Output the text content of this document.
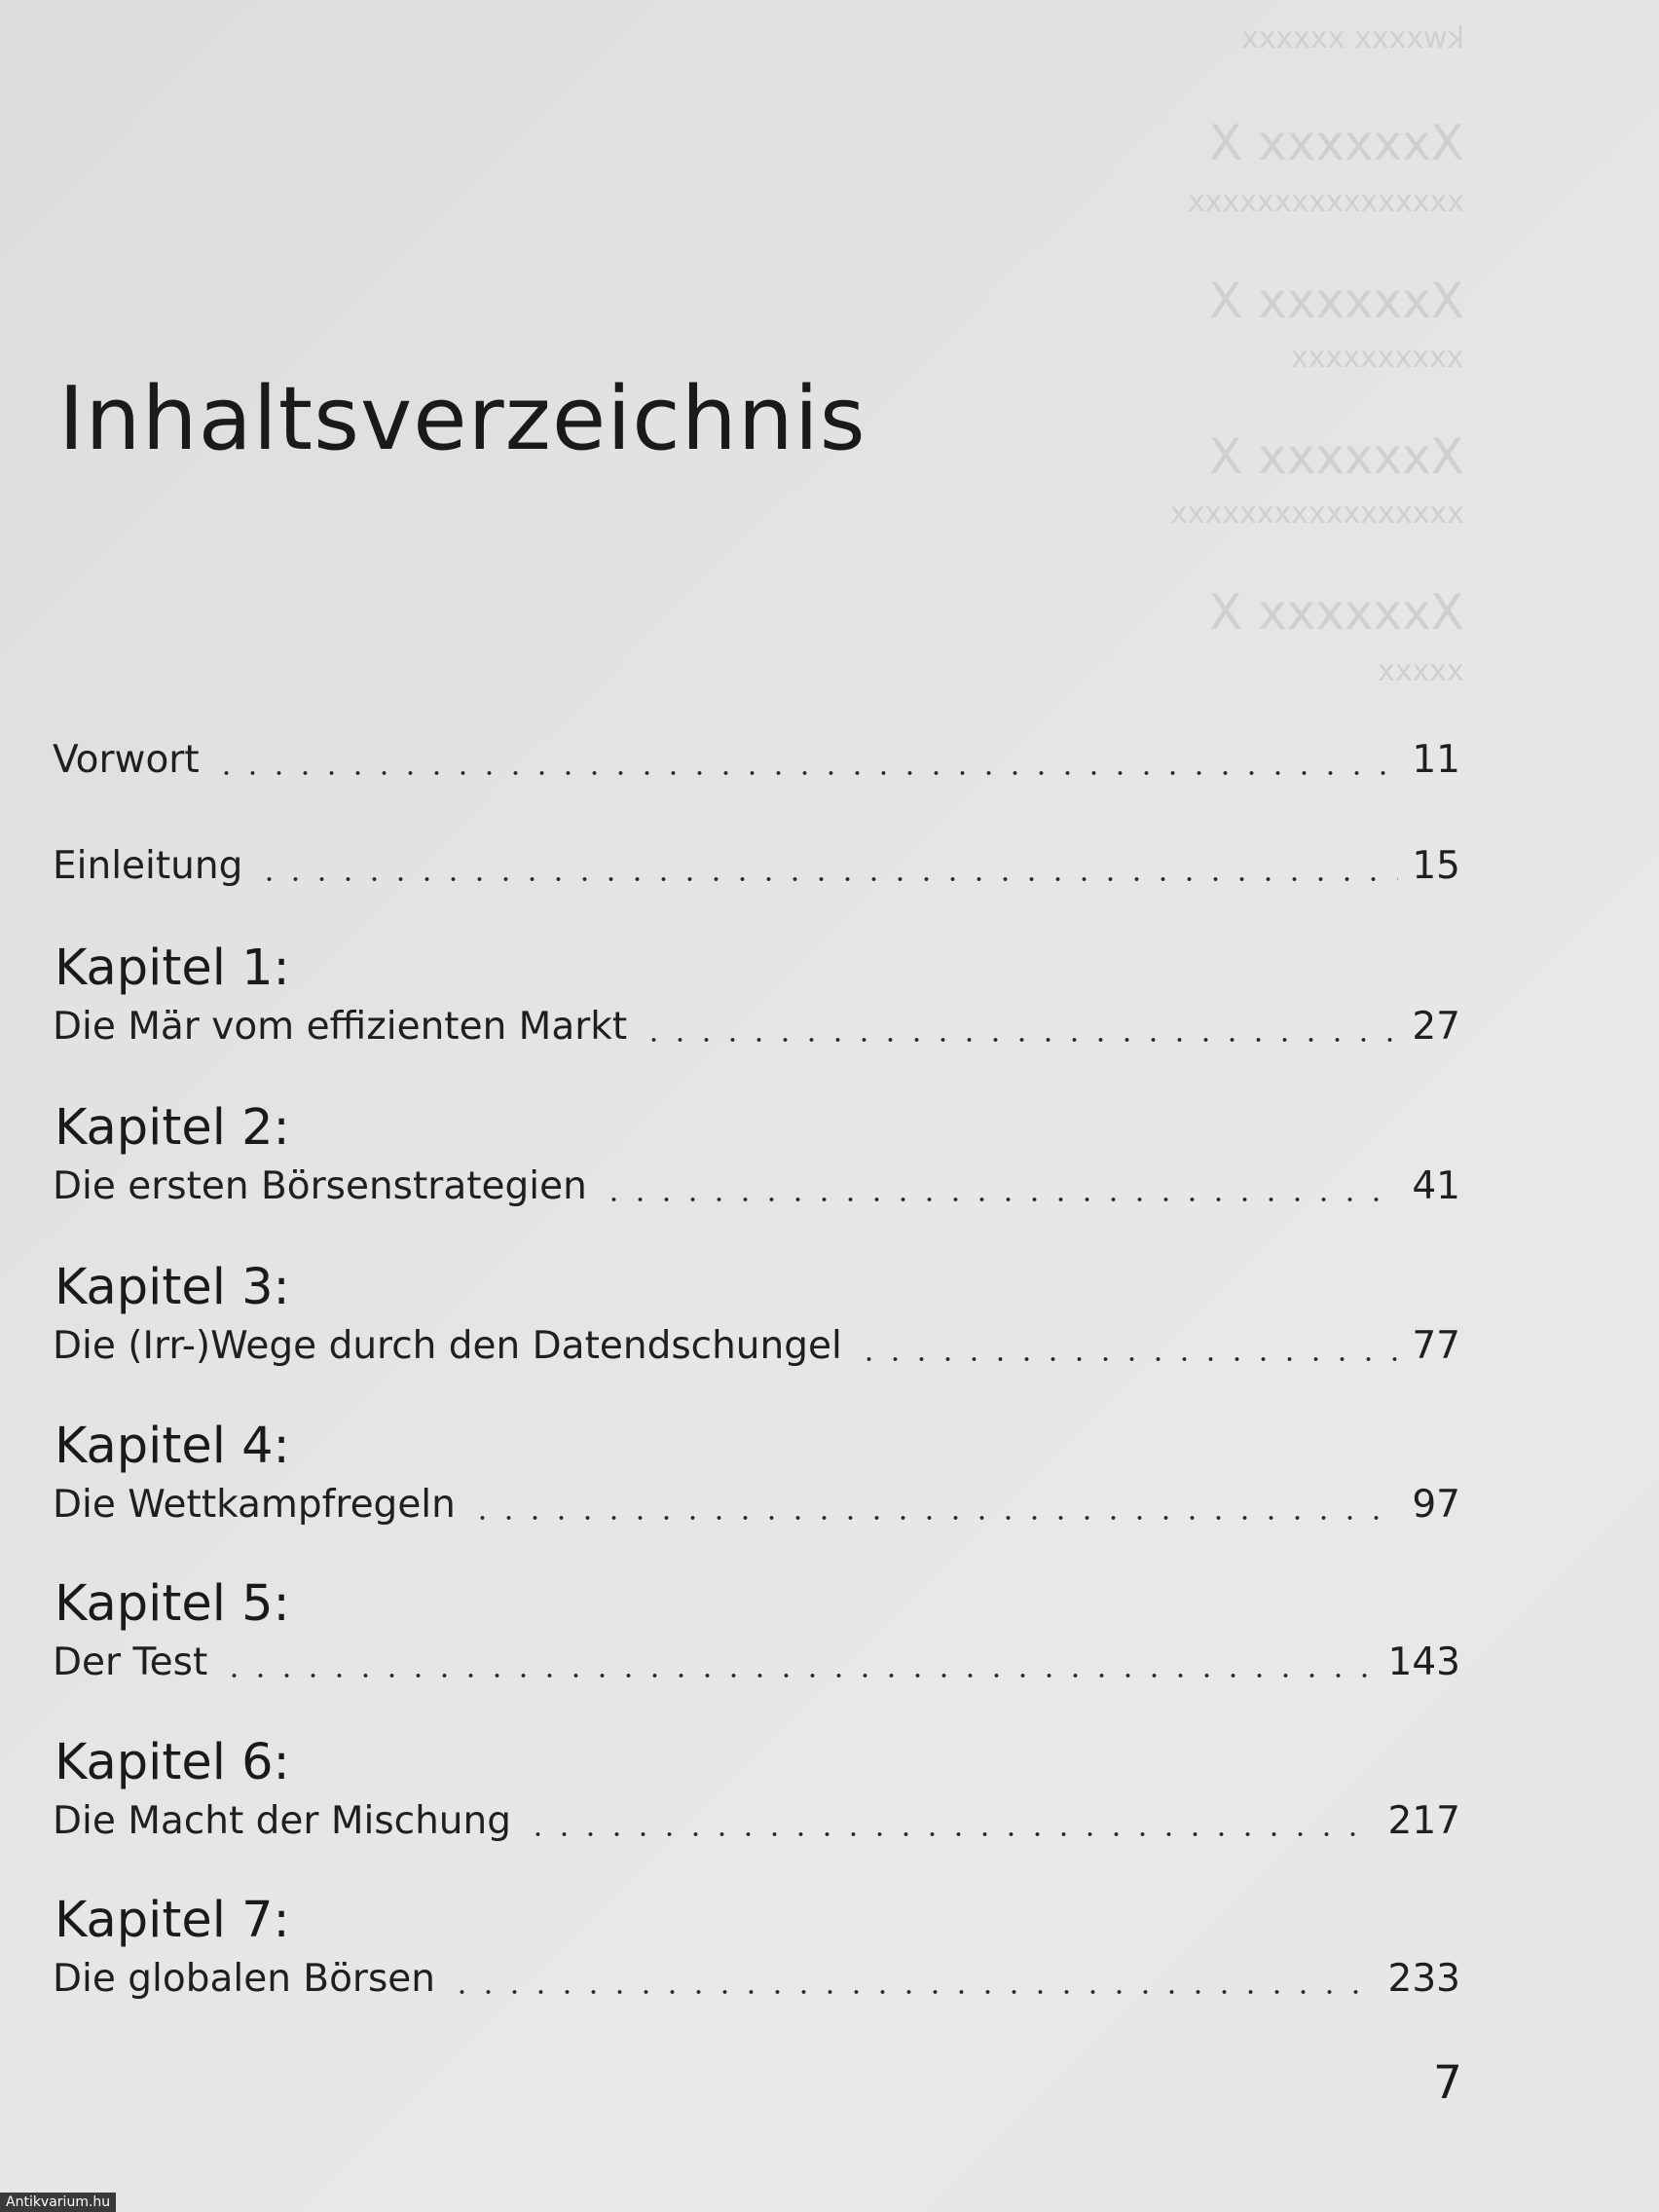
kwxxxx xxxxxx
Xxxxxxx X
xxxxxxxxxxxxxxxx
Xxxxxxx X
xxxxxxxxxx
Xxxxxxx X
xxxxxxxxxxxxxxxxx
Xxxxxxx X
xxxxx
Inhaltsverzeichnis
Vorwort	11
Einleitung	15
Kapitel 1:
Die Mär vom effizienten Markt	27
Kapitel 2:
Die ersten Börsenstrategien	41
Kapitel 3:
Die (Irr-)Wege durch den Datendschungel	77
Kapitel 4:
Die Wettkampfregeln	97
Kapitel 5:
Der Test	143
Kapitel 6:
Die Macht der Mischung	217
Kapitel 7:
Die globalen Börsen	233
7
Antikvarium.hu
